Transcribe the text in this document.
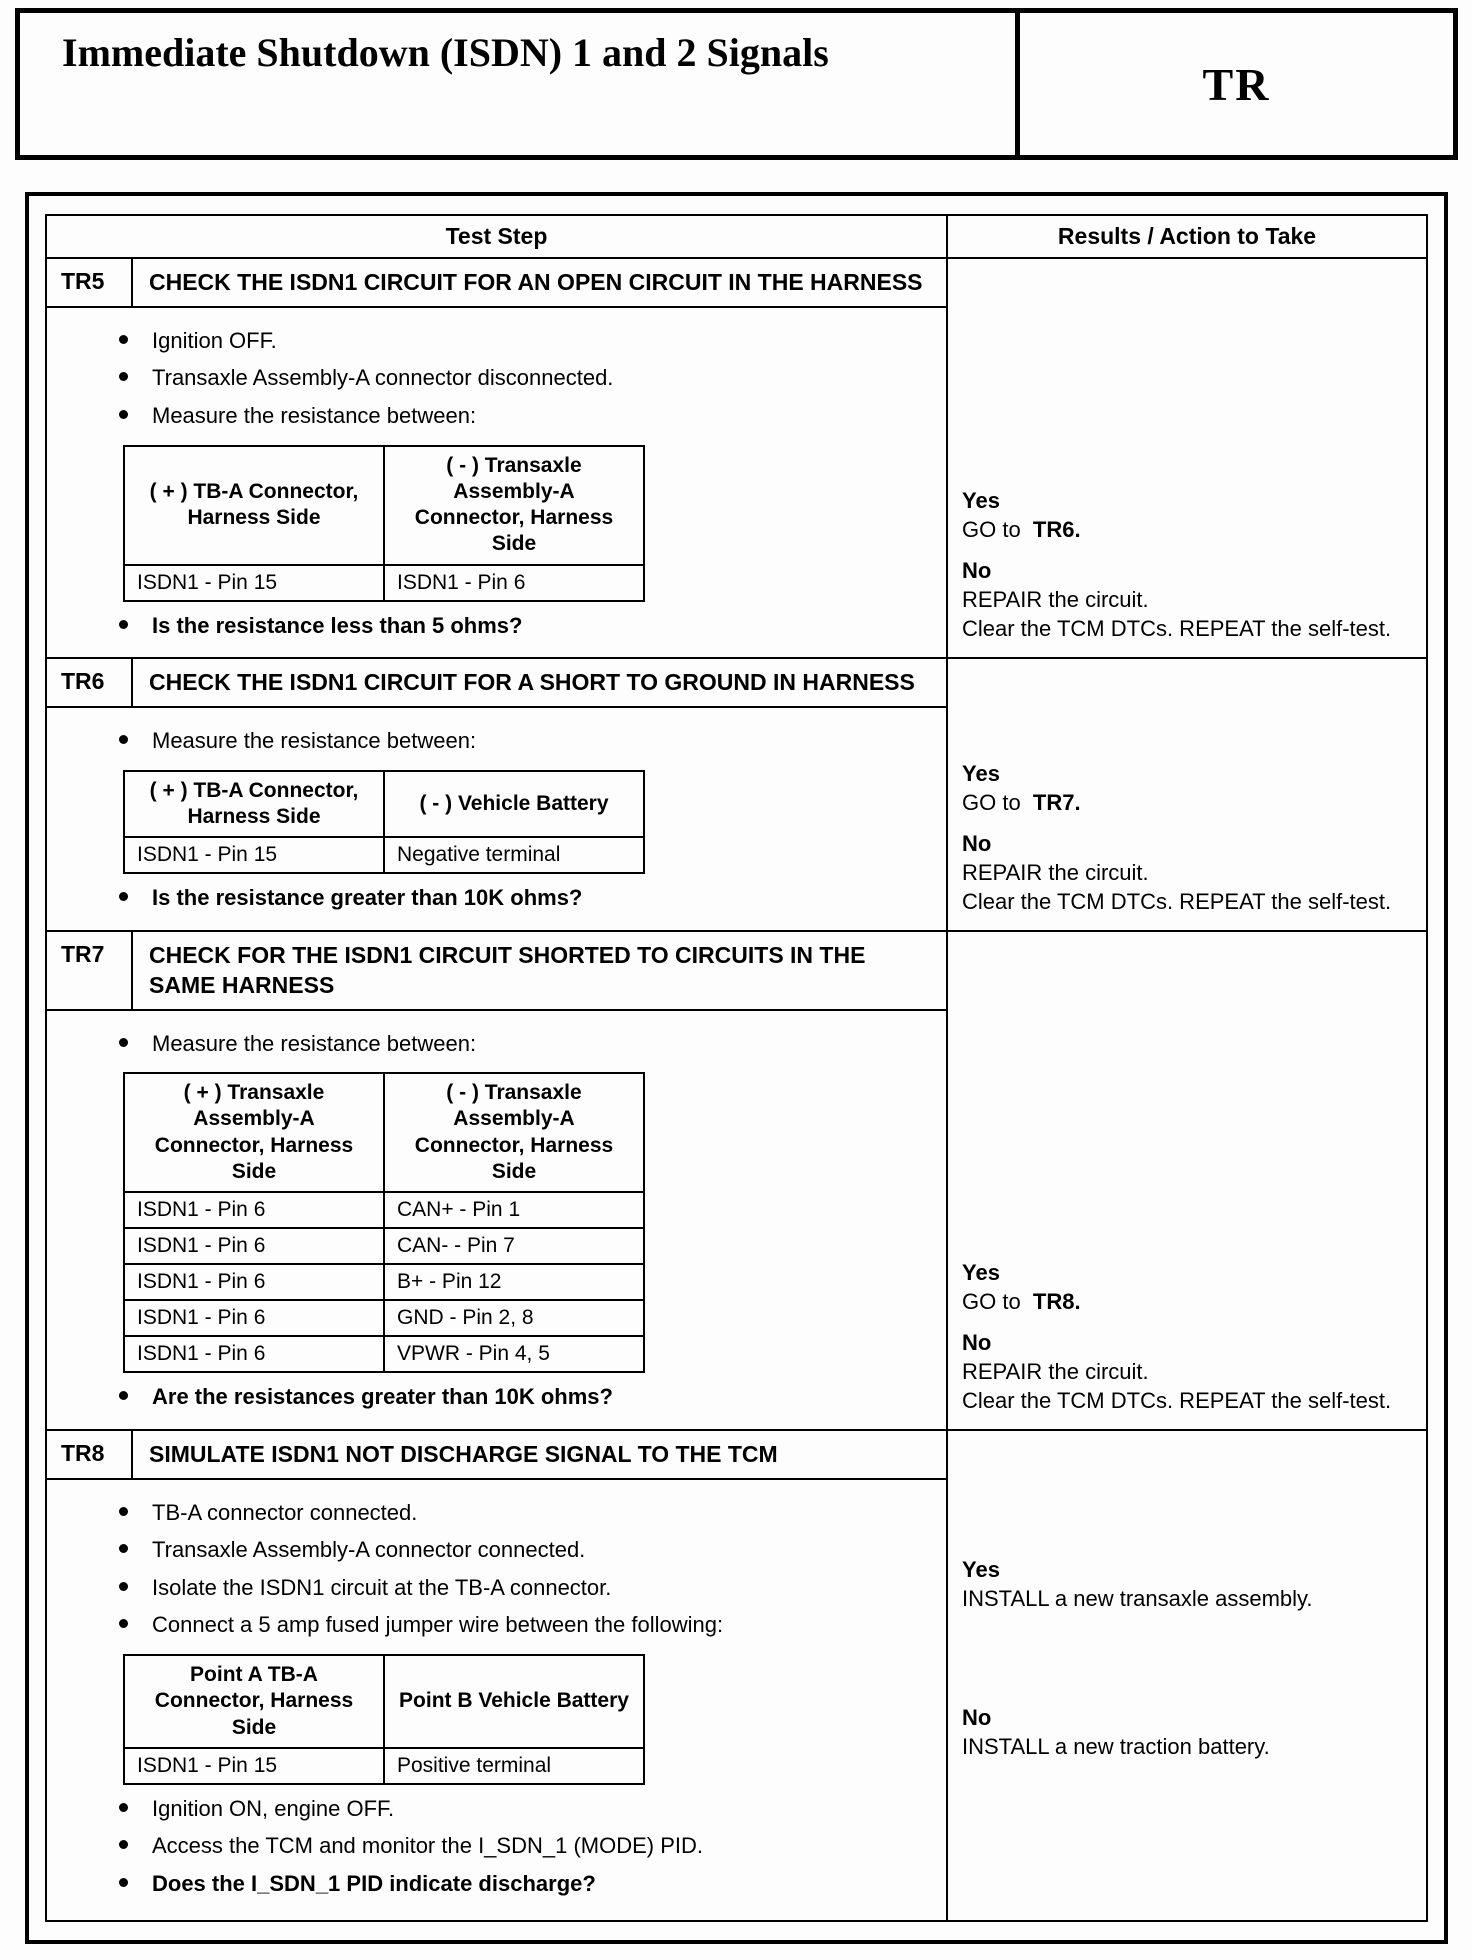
Immediate Shutdown (ISDN) 1 and 2 Signals
TR
Test Step	Results / Action to Take
TR5	CHECK THE ISDN1 CIRCUIT FOR AN OPEN CIRCUIT IN THE HARNESS
Ignition OFF.
Transaxle Assembly-A connector disconnected.
Measure the resistance between:
( + ) TB-A Connector, Harness Side	( - ) Transaxle Assembly-A Connector, Harness Side
ISDN1 - Pin 15	ISDN1 - Pin 6
Is the resistance less than 5 ohms?
Yes
GO to TR6.
No
REPAIR the circuit.
Clear the TCM DTCs. REPEAT the self-test.
TR6	CHECK THE ISDN1 CIRCUIT FOR A SHORT TO GROUND IN HARNESS
Measure the resistance between:
( + ) TB-A Connector, Harness Side	( - ) Vehicle Battery
ISDN1 - Pin 15	Negative terminal
Is the resistance greater than 10K ohms?
Yes
GO to TR7.
No
REPAIR the circuit.
Clear the TCM DTCs. REPEAT the self-test.
TR7	CHECK FOR THE ISDN1 CIRCUIT SHORTED TO CIRCUITS IN THE SAME HARNESS
Measure the resistance between:
( + ) Transaxle Assembly-A Connector, Harness Side	( - ) Transaxle Assembly-A Connector, Harness Side
ISDN1 - Pin 6	CAN+ - Pin 1
ISDN1 - Pin 6	CAN- - Pin 7
ISDN1 - Pin 6	B+ - Pin 12
ISDN1 - Pin 6	GND - Pin 2, 8
ISDN1 - Pin 6	VPWR - Pin 4, 5
Are the resistances greater than 10K ohms?
Yes
GO to TR8.
No
REPAIR the circuit.
Clear the TCM DTCs. REPEAT the self-test.
TR8	SIMULATE ISDN1 NOT DISCHARGE SIGNAL TO THE TCM
TB-A connector connected.
Transaxle Assembly-A connector connected.
Isolate the ISDN1 circuit at the TB-A connector.
Connect a 5 amp fused jumper wire between the following:
Point A TB-A Connector, Harness Side	Point B Vehicle Battery
ISDN1 - Pin 15	Positive terminal
Ignition ON, engine OFF.
Access the TCM and monitor the I_SDN_1 (MODE) PID.
Does the I_SDN_1 PID indicate discharge?
Yes
INSTALL a new transaxle assembly.
No
INSTALL a new traction battery.
